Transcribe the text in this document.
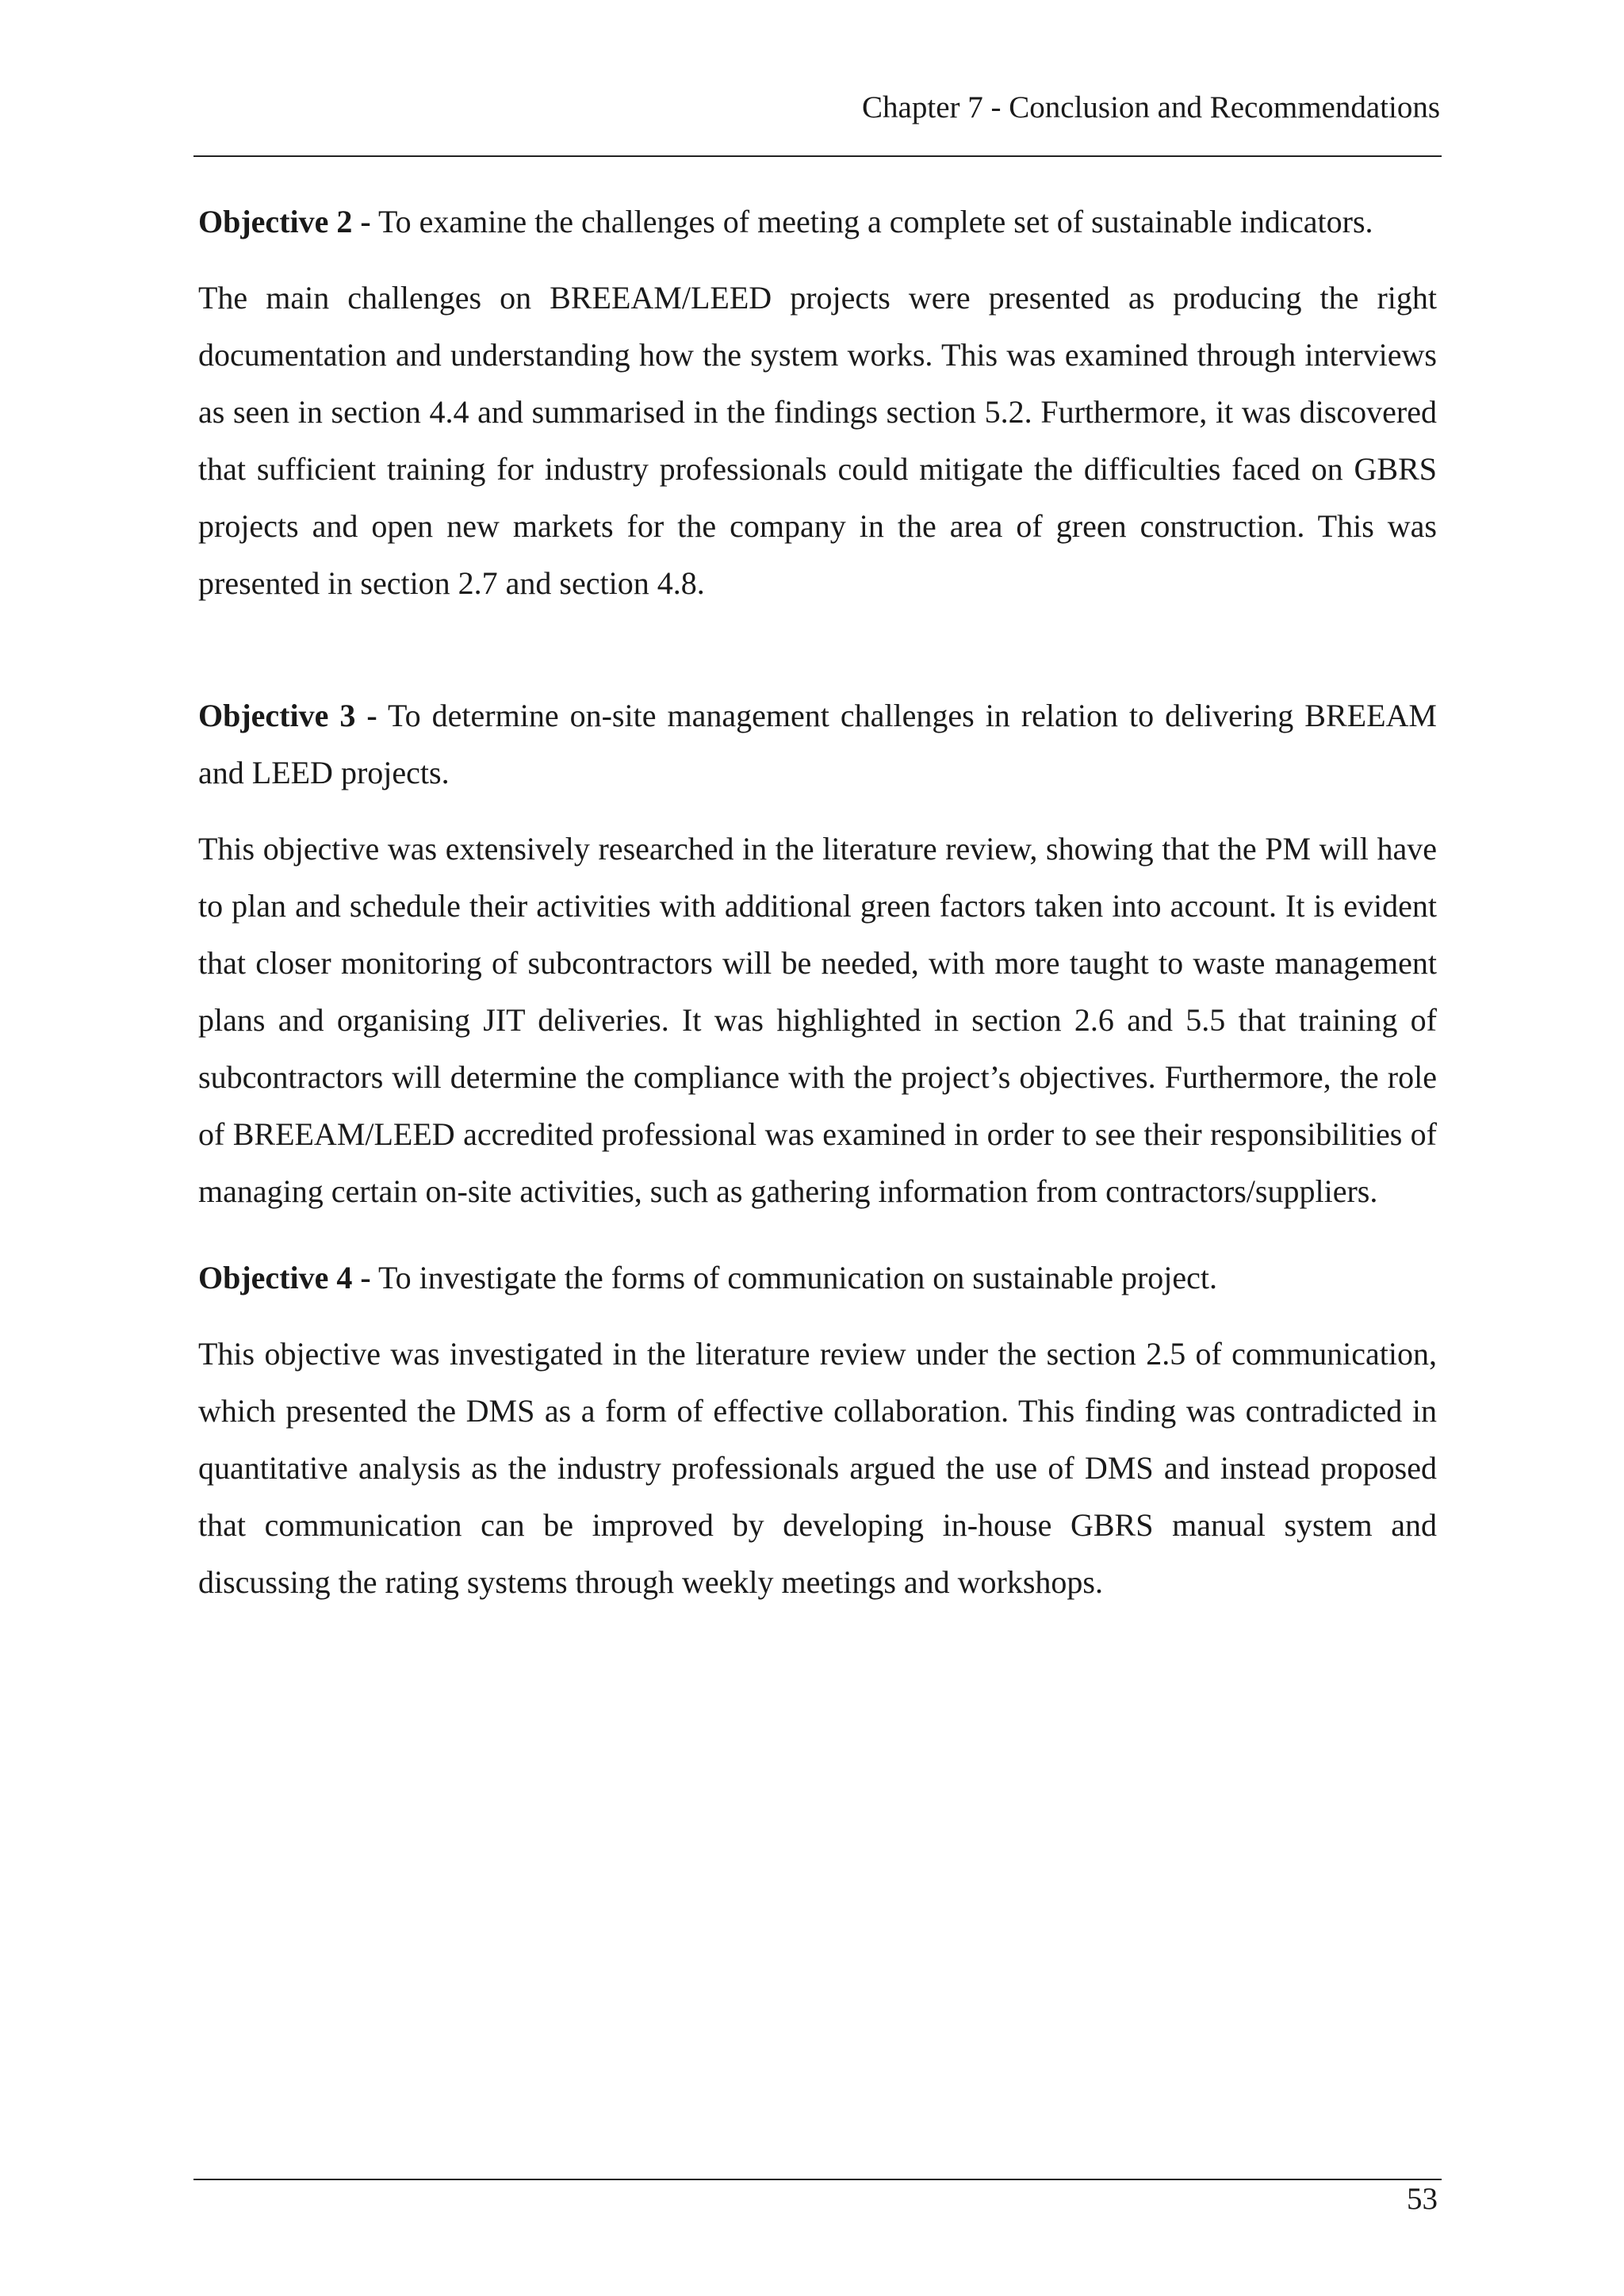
Chapter 7 - Conclusion and Recommendations

Objective 2 - To examine the challenges of meeting a complete set of sustainable indicators.

The main challenges on BREEAM/LEED projects were presented as producing the right documentation and understanding how the system works. This was examined through interviews as seen in section 4.4 and summarised in the findings section 5.2. Furthermore, it was discovered that sufficient training for industry professionals could mitigate the difficulties faced on GBRS projects and open new markets for the company in the area of green construction. This was presented in section 2.7 and section 4.8.

Objective 3 - To determine on-site management challenges in relation to delivering BREEAM and LEED projects.

This objective was extensively researched in the literature review, showing that the PM will have to plan and schedule their activities with additional green factors taken into account. It is evident that closer monitoring of subcontractors will be needed, with more taught to waste management plans and organising JIT deliveries. It was highlighted in section 2.6 and 5.5 that training of subcontractors will determine the compliance with the project’s objectives. Furthermore, the role of BREEAM/LEED accredited professional was examined in order to see their responsibilities of managing certain on-site activities, such as gathering information from contractors/suppliers.

Objective 4 - To investigate the forms of communication on sustainable project.

This objective was investigated in the literature review under the section 2.5 of communication, which presented the DMS as a form of effective collaboration. This finding was contradicted in quantitative analysis as the industry professionals argued the use of DMS and instead proposed that communication can be improved by developing in-house GBRS manual system and discussing the rating systems through weekly meetings and workshops.

53
